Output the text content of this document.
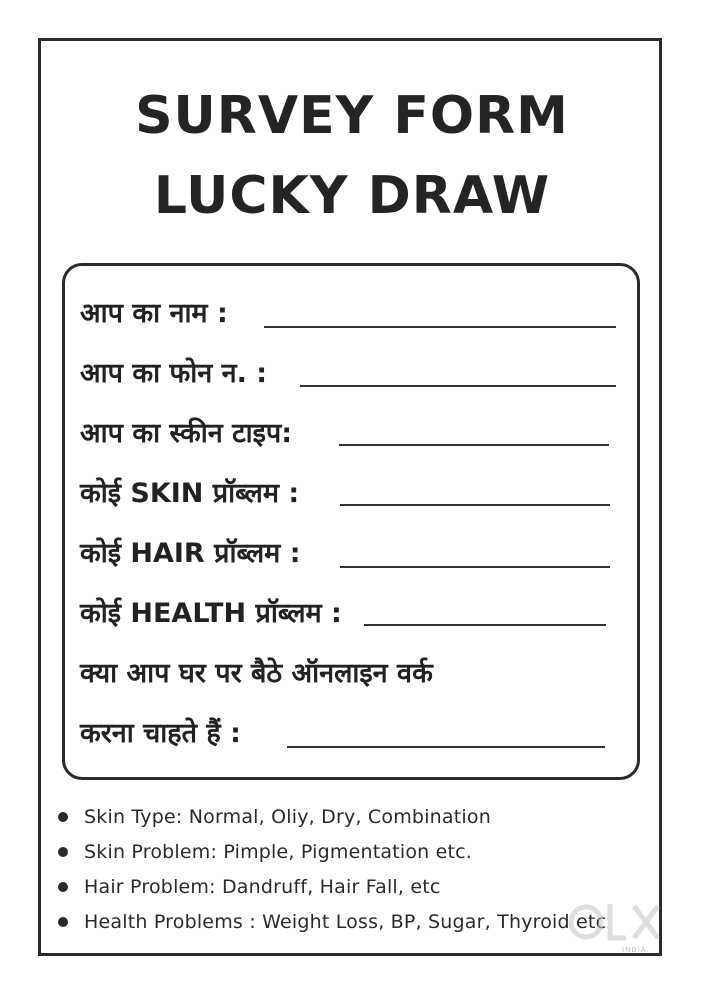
SURVEY FORM
LUCKY DRAW
आप का नाम :
आप का फोन न. :
आप का स्कीन टाइप:
कोई SKIN प्रॉब्लम :
कोई HAIR प्रॉब्लम :
कोई HEALTH प्रॉब्लम :
क्या आप घर पर बैठे ऑनलाइन वर्क
करना चाहते हैं :
Skin Type: Normal, Oliy, Dry, Combination
Skin Problem: Pimple, Pigmentation etc.
Hair Problem: Dandruff, Hair Fall, etc
Health Problems : Weight Loss, BP, Sugar, Thyroid etc
INDIA
